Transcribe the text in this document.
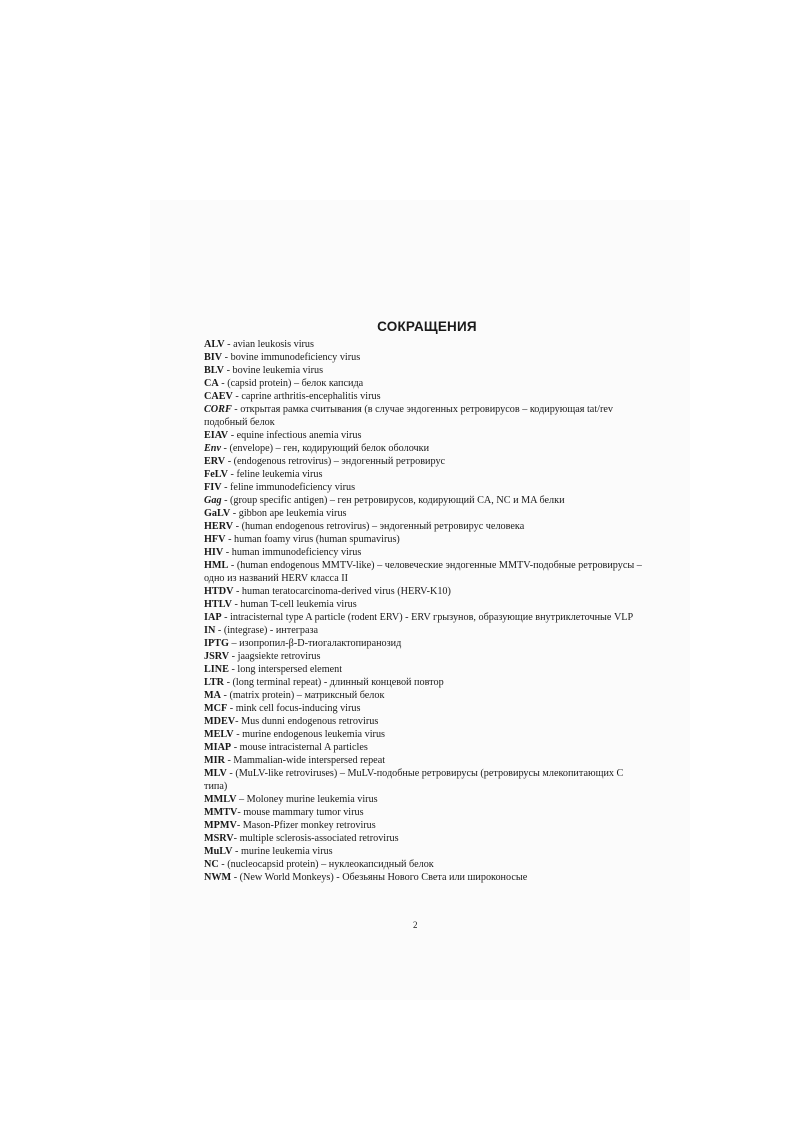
СОКРАЩЕНИЯ
ALV - avian leukosis virus
BIV - bovine immunodeficiency virus
BLV - bovine leukemia virus
CA - (capsid protein) – белок капсида
CAEV - caprine arthritis-encephalitis virus
CORF - открытая рамка считывания (в случае эндогенных ретровирусов – кодирующая tat/rev подобный белок
EIAV - equine infectious anemia virus
Env - (envelope) – ген, кодирующий белок оболочки
ERV - (endogenous retrovirus) – эндогенный ретровирус
FeLV - feline leukemia virus
FIV - feline immunodeficiency virus
Gag - (group specific antigen) – ген ретровирусов, кодирующий CA, NC и MA белки
GaLV - gibbon ape leukemia virus
HERV - (human endogenous retrovirus) – эндогенный ретровирус человека
HFV - human foamy virus (human spumavirus)
HIV - human immunodeficiency virus
HML - (human endogenous MMTV-like) – человеческие эндогенные MMTV-подобные ретровирусы – одно из названий HERV класса II
HTDV - human teratocarcinoma-derived virus (HERV-K10)
HTLV - human T-cell leukemia virus
IAP - intracisternal type A particle (rodent ERV) - ERV грызунов, образующие внутриклеточные VLP
IN - (integrase) - интеграза
IPTG – изопропил-β-D-тиогалактопиранозид
JSRV - jaagsiekte retrovirus
LINE - long interspersed element
LTR - (long terminal repeat) - длинный концевой повтор
MA - (matrix protein) – матриксный белок
MCF - mink cell focus-inducing virus
MDEV- Mus dunni endogenous retrovirus
MELV - murine endogenous leukemia virus
MIAP - mouse intracisternal A particles
MIR - Mammalian-wide interspersed repeat
MLV - (MuLV-like retroviruses) – MuLV-подобные ретровирусы (ретровирусы млекопитающих С типа)
MMLV – Moloney murine leukemia virus
MMTV- mouse mammary tumor virus
MPMV- Mason-Pfizer monkey retrovirus
MSRV- multiple sclerosis-associated retrovirus
MuLV - murine leukemia virus
NC - (nucleocapsid protein) – нуклеокапсидный белок
NWM - (New World Monkeys) - Обезьяны Нового Света или широконосые
2
